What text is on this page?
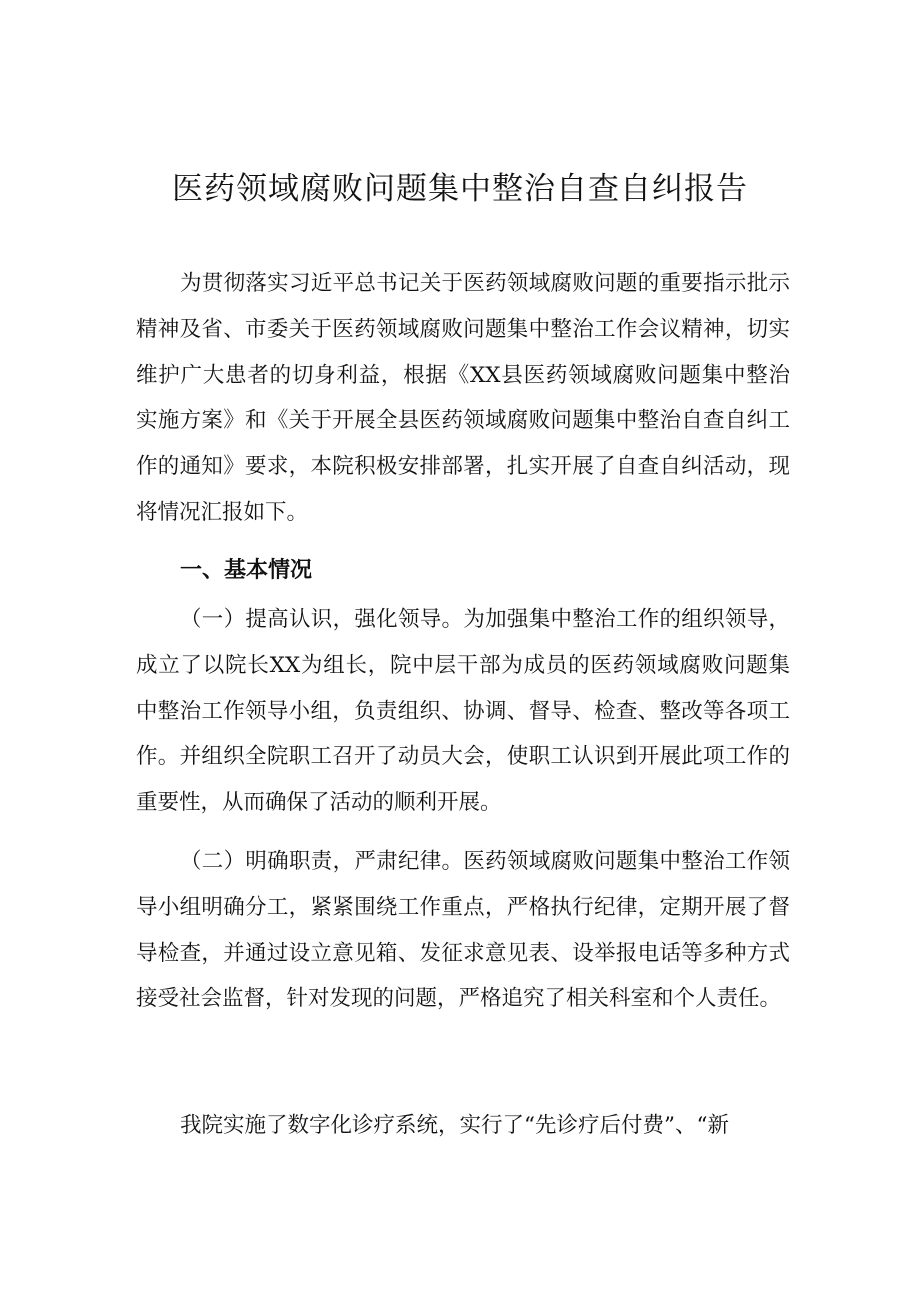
医药领域腐败问题集中整治自查自纠报告

为贯彻落实习近平总书记关于医药领域腐败问题的重要指示批示精神及省、市委关于医药领域腐败问题集中整治工作会议精神，切实维护广大患者的切身利益，根据《XX县医药领域腐败问题集中整治实施方案》和《关于开展全县医药领域腐败问题集中整治自查自纠工作的通知》要求，本院积极安排部署，扎实开展了自查自纠活动，现将情况汇报如下。

一、基本情况

（一）提高认识，强化领导。为加强集中整治工作的组织领导，成立了以院长XX为组长，院中层干部为成员的医药领域腐败问题集中整治工作领导小组，负责组织、协调、督导、检查、整改等各项工作。并组织全院职工召开了动员大会，使职工认识到开展此项工作的重要性，从而确保了活动的顺利开展。

（二）明确职责，严肃纪律。医药领域腐败问题集中整治工作领导小组明确分工，紧紧围绕工作重点，严格执行纪律，定期开展了督导检查，并通过设立意见箱、发征求意见表、设举报电话等多种方式接受社会监督，针对发现的问题，严格追究了相关科室和个人责任。

我院实施了数字化诊疗系统，实行了“先诊疗后付费”、“新
